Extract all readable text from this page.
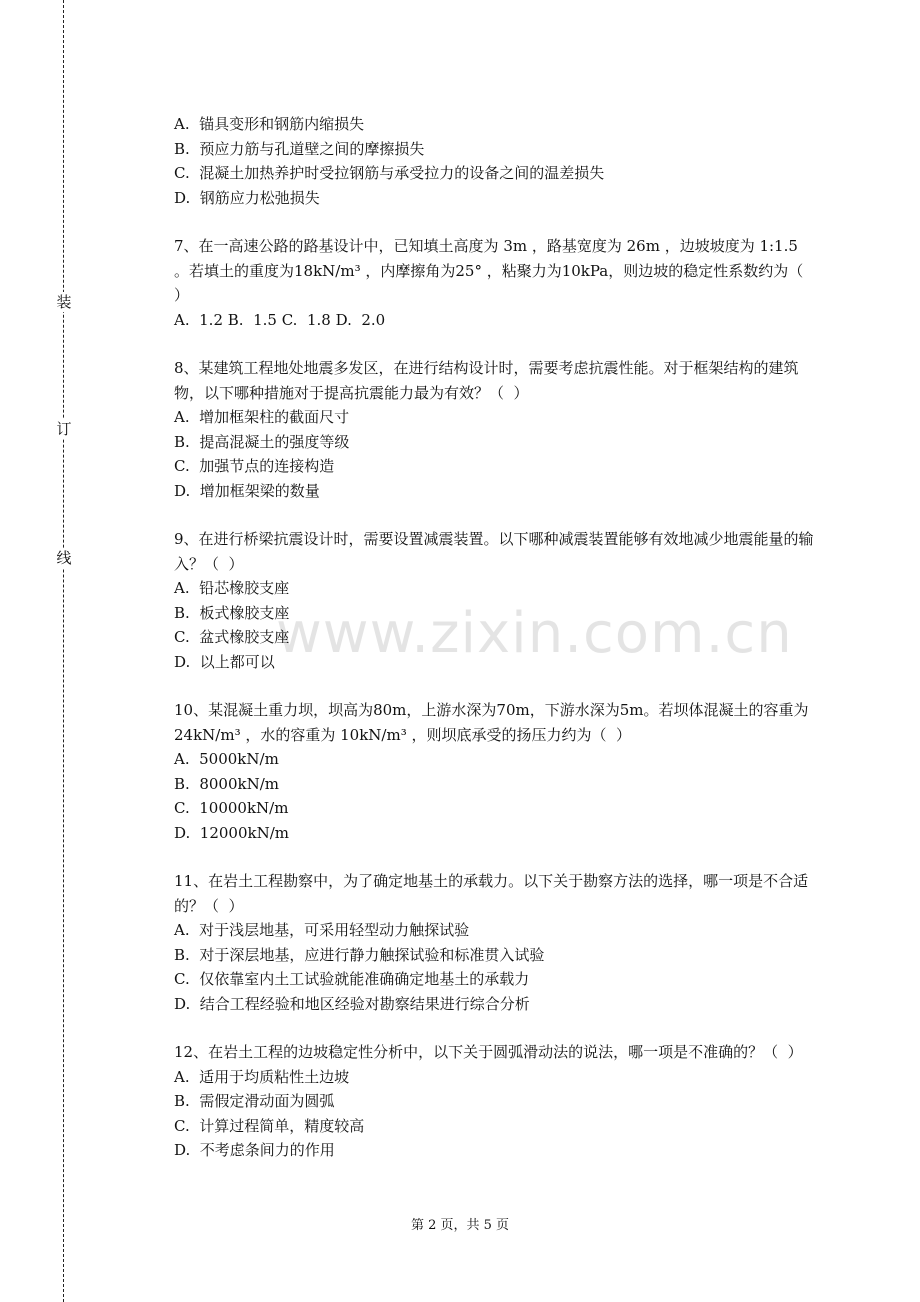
装
订
线
www.zixin.com.cn

A.  锚具变形和钢筋内缩损失

B.  预应力筋与孔道壁之间的摩擦损失

C.  混凝土加热养护时受拉钢筋与承受拉力的设备之间的温差损失

D.  钢筋应力松弛损失

7、在一高速公路的路基设计中，已知填土高度为 3m ，路基宽度为 26m ，边坡坡度为 1:1.5 。若填土的重度为18kN/m³ ，内摩擦角为25° ，粘聚力为10kPa，则边坡的稳定性系数约为（  ）

A.  1.2 B.  1.5 C.  1.8 D.  2.0

8、某建筑工程地处地震多发区，在进行结构设计时，需要考虑抗震性能。对于框架结构的建筑物，以下哪种措施对于提高抗震能力最为有效？（  ）

A.  增加框架柱的截面尺寸

B.  提高混凝土的强度等级

C.  加强节点的连接构造

D.  增加框架梁的数量

9、在进行桥梁抗震设计时，需要设置减震装置。以下哪种减震装置能够有效地减少地震能量的输入？（  ）

A.  铅芯橡胶支座

B.  板式橡胶支座

C.  盆式橡胶支座

D.  以上都可以

10、某混凝土重力坝，坝高为80m，上游水深为70m，下游水深为5m。若坝体混凝土的容重为 24kN/m³ ，水的容重为 10kN/m³ ，则坝底承受的扬压力约为（  ）

A.  5000kN/m

B.  8000kN/m

C.  10000kN/m

D.  12000kN/m

11、在岩土工程勘察中，为了确定地基土的承载力。以下关于勘察方法的选择，哪一项是不合适的？（  ）

A.  对于浅层地基，可采用轻型动力触探试验

B.  对于深层地基，应进行静力触探试验和标准贯入试验

C.  仅依靠室内土工试验就能准确确定地基土的承载力

D.  结合工程经验和地区经验对勘察结果进行综合分析

12、在岩土工程的边坡稳定性分析中，以下关于圆弧滑动法的说法，哪一项是不准确的？（  ）

A.  适用于均质粘性土边坡

B.  需假定滑动面为圆弧

C.  计算过程简单，精度较高

D.  不考虑条间力的作用

第 2 页，共 5 页
